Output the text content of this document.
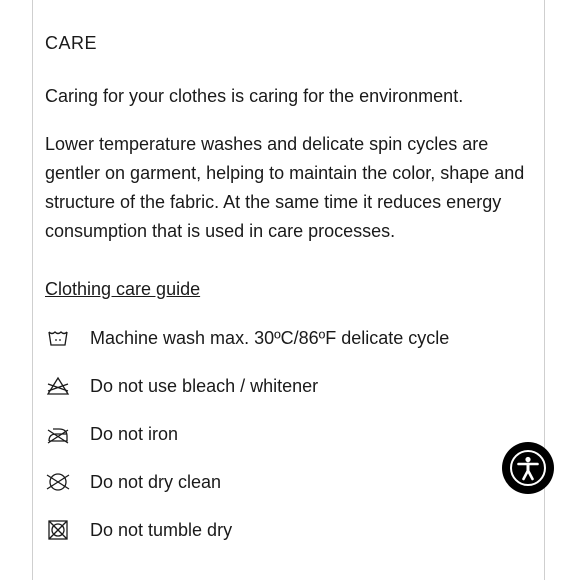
CARE
Caring for your clothes is caring for the environment.
Lower temperature washes and delicate spin cycles are gentler on garment, helping to maintain the color, shape and structure of the fabric. At the same time it reduces energy consumption that is used in care processes.
Clothing care guide
Machine wash max. 30ºC/86ºF delicate cycle
Do not use bleach / whitener
Do not iron
Do not dry clean
Do not tumble dry
